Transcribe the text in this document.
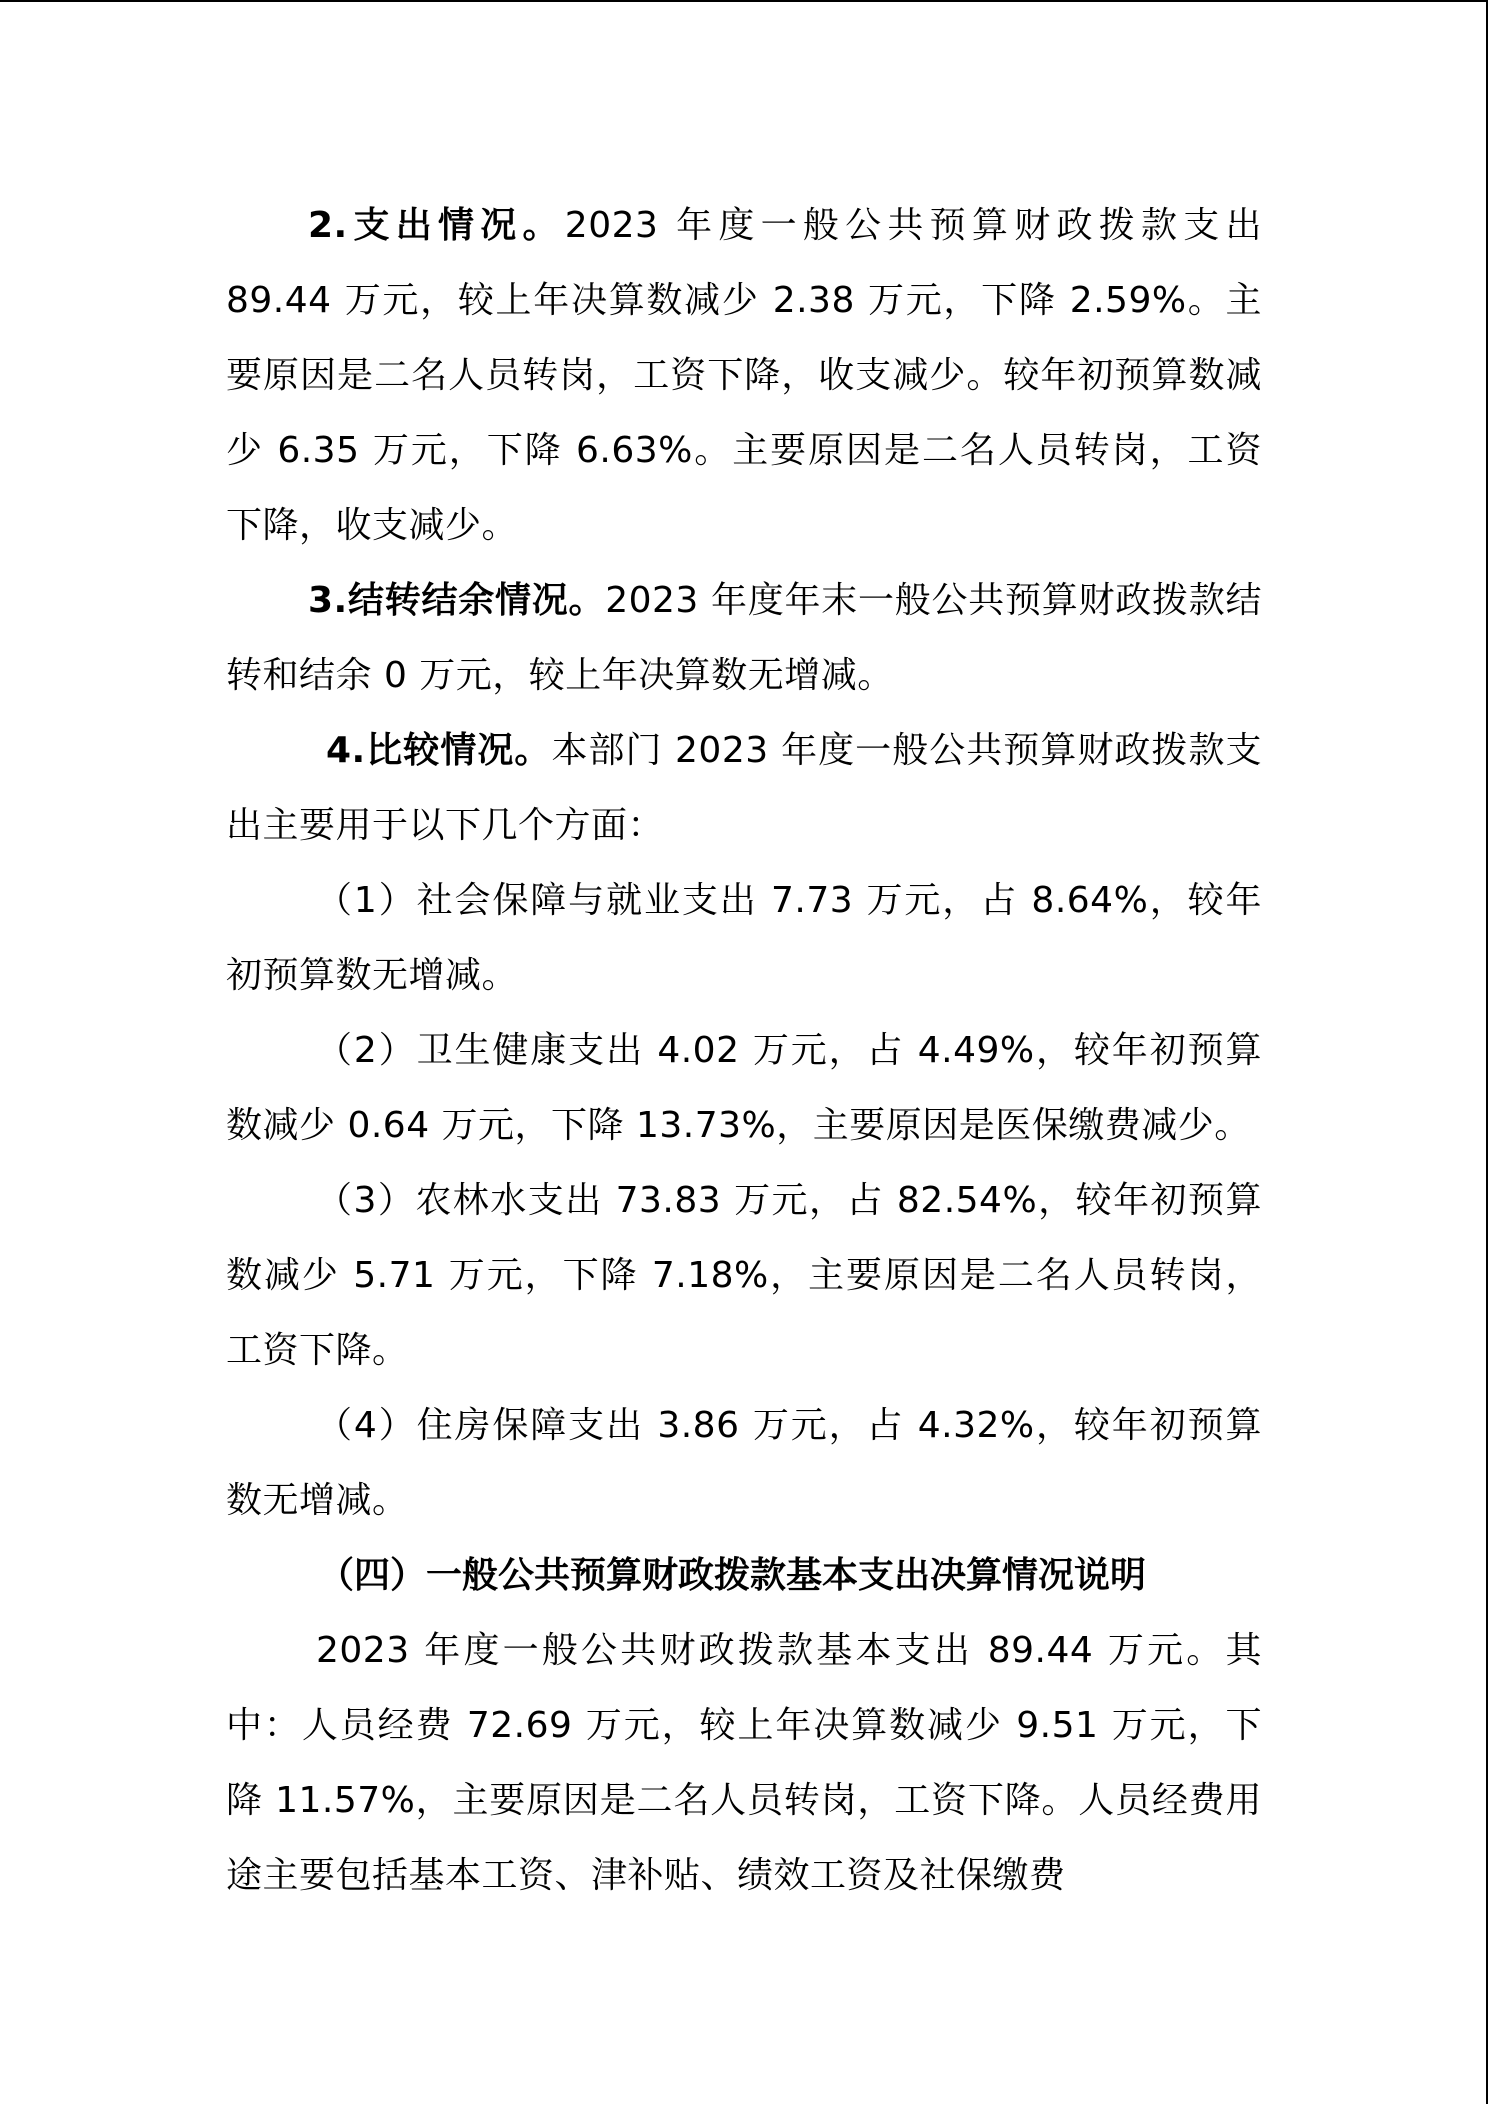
2.支出情况。2023 年度一般公共预算财政拨款支出 89.44 万元，较上年决算数减少 2.38 万元，下降 2.59%。主要原因是二名人员转岗，工资下降，收支减少。较年初预算数减少 6.35 万元，下降 6.63%。主要原因是二名人员转岗，工资下降，收支减少。

3.结转结余情况。2023 年度年末一般公共预算财政拨款结转和结余 0 万元，较上年决算数无增减。

4.比较情况。本部门 2023 年度一般公共预算财政拨款支出主要用于以下几个方面：

（1）社会保障与就业支出 7.73 万元，占 8.64%，较年初预算数无增减。

（2）卫生健康支出 4.02 万元，占 4.49%，较年初预算数减少 0.64 万元，下降 13.73%，主要原因是医保缴费减少。

（3）农林水支出 73.83 万元，占 82.54%，较年初预算数减少 5.71 万元，下降 7.18%，主要原因是二名人员转岗，工资下降。

（4）住房保障支出 3.86 万元，占 4.32%，较年初预算数无增减。

（四）一般公共预算财政拨款基本支出决算情况说明

2023 年度一般公共财政拨款基本支出 89.44 万元。其中：人员经费 72.69 万元，较上年决算数减少 9.51 万元，下降 11.57%，主要原因是二名人员转岗，工资下降。人员经费用途主要包括基本工资、津补贴、绩效工资及社保缴费
